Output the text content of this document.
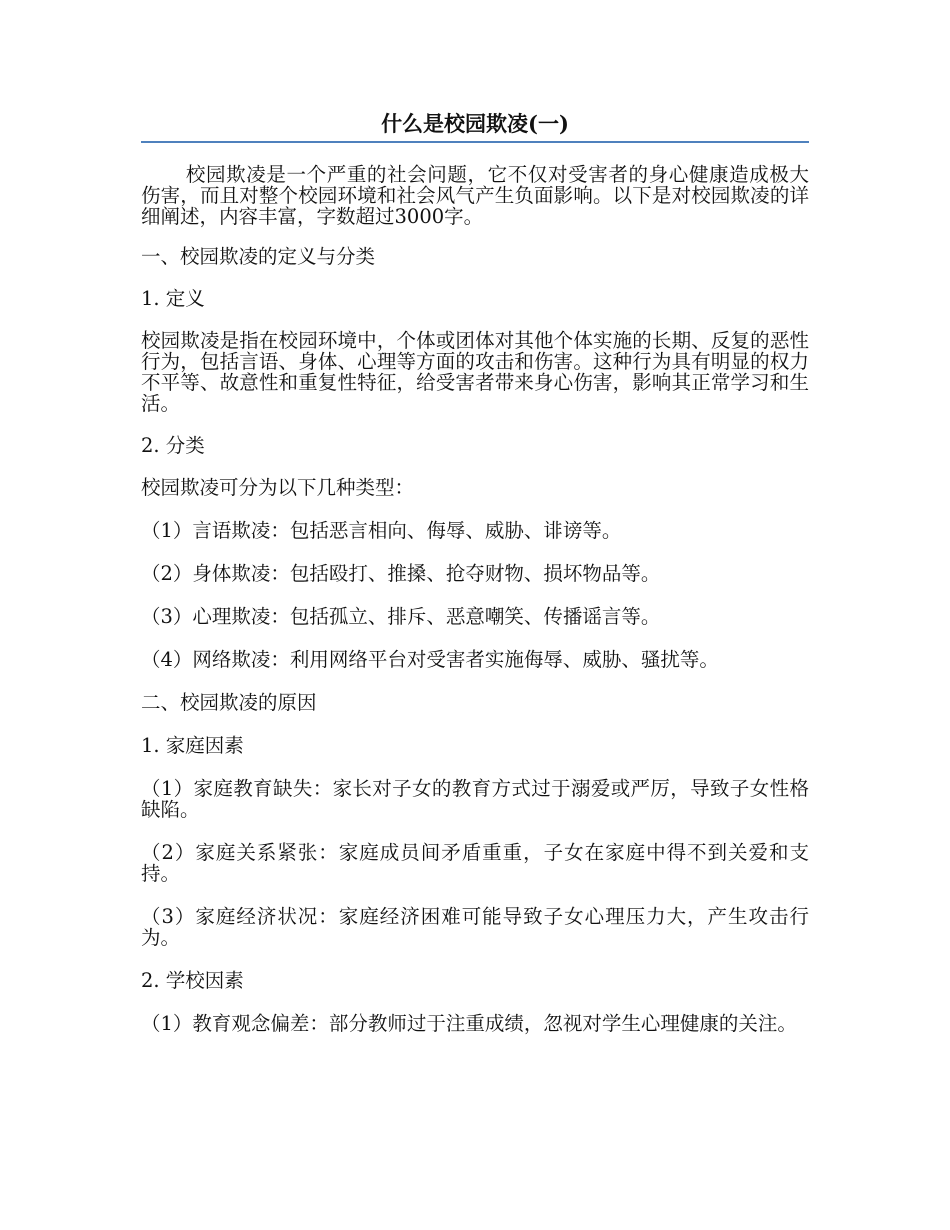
什么是校园欺凌(一)

校园欺凌是一个严重的社会问题，它不仅对受害者的身心健康造成极大伤害，而且对整个校园环境和社会风气产生负面影响。以下是对校园欺凌的详细阐述，内容丰富，字数超过3000字。

一、校园欺凌的定义与分类

1. 定义

校园欺凌是指在校园环境中，个体或团体对其他个体实施的长期、反复的恶性行为，包括言语、身体、心理等方面的攻击和伤害。这种行为具有明显的权力不平等、故意性和重复性特征，给受害者带来身心伤害，影响其正常学习和生活。

2. 分类

校园欺凌可分为以下几种类型：

（1）言语欺凌：包括恶言相向、侮辱、威胁、诽谤等。

（2）身体欺凌：包括殴打、推搡、抢夺财物、损坏物品等。

（3）心理欺凌：包括孤立、排斥、恶意嘲笑、传播谣言等。

（4）网络欺凌：利用网络平台对受害者实施侮辱、威胁、骚扰等。

二、校园欺凌的原因

1. 家庭因素

（1）家庭教育缺失：家长对子女的教育方式过于溺爱或严厉，导致子女性格缺陷。

（2）家庭关系紧张：家庭成员间矛盾重重，子女在家庭中得不到关爱和支持。

（3）家庭经济状况：家庭经济困难可能导致子女心理压力大，产生攻击行为。

2. 学校因素

（1）教育观念偏差：部分教师过于注重成绩，忽视对学生心理健康的关注。
